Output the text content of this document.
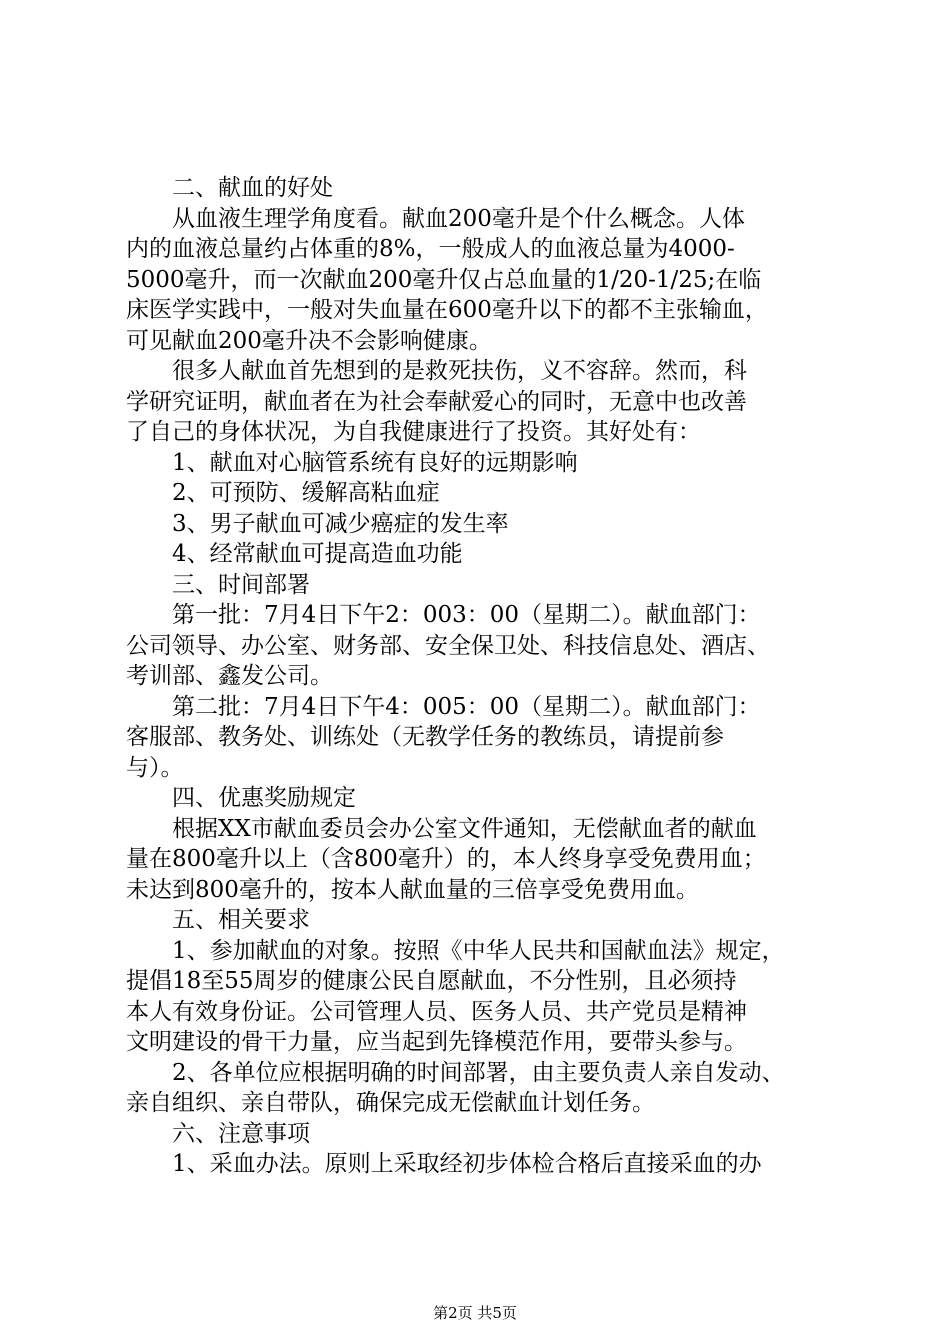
　　二、献血的好处

　　从血液生理学角度看。献血200毫升是个什么概念。人体

内的血液总量约占体重的8%，一般成人的血液总量为4000-

5000毫升，而一次献血200毫升仅占总血量的1/20-1/25;在临

床医学实践中，一般对失血量在600毫升以下的都不主张输血，

可见献血200毫升决不会影响健康。

　　很多人献血首先想到的是救死扶伤，义不容辞。然而，科

学研究证明，献血者在为社会奉献爱心的同时，无意中也改善

了自己的身体状况，为自我健康进行了投资。其好处有：

　　1、献血对心脑管系统有良好的远期影响

　　2、可预防、缓解高粘血症

　　3、男子献血可减少癌症的发生率

　　4、经常献血可提高造血功能

　　三、时间部署

　　第一批：7月4日下午2：003：00（星期二）。献血部门：

公司领导、办公室、财务部、安全保卫处、科技信息处、酒店、

考训部、鑫发公司。

　　第二批：7月4日下午4：005：00（星期二）。献血部门：

客服部、教务处、训练处（无教学任务的教练员，请提前参

与）。

　　四、优惠奖励规定

　　根据XX市献血委员会办公室文件通知，无偿献血者的献血

量在800毫升以上（含800毫升）的，本人终身享受免费用血；

未达到800毫升的，按本人献血量的三倍享受免费用血。

　　五、相关要求

　　1、参加献血的对象。按照《中华人民共和国献血法》规定，

提倡18至55周岁的健康公民自愿献血，不分性别，且必须持

本人有效身份证。公司管理人员、医务人员、共产党员是精神

文明建设的骨干力量，应当起到先锋模范作用，要带头参与。

　　2、各单位应根据明确的时间部署，由主要负责人亲自发动、

亲自组织、亲自带队，确保完成无偿献血计划任务。

　　六、注意事项

　　1、采血办法。原则上采取经初步体检合格后直接采血的办

第2页 共5页
